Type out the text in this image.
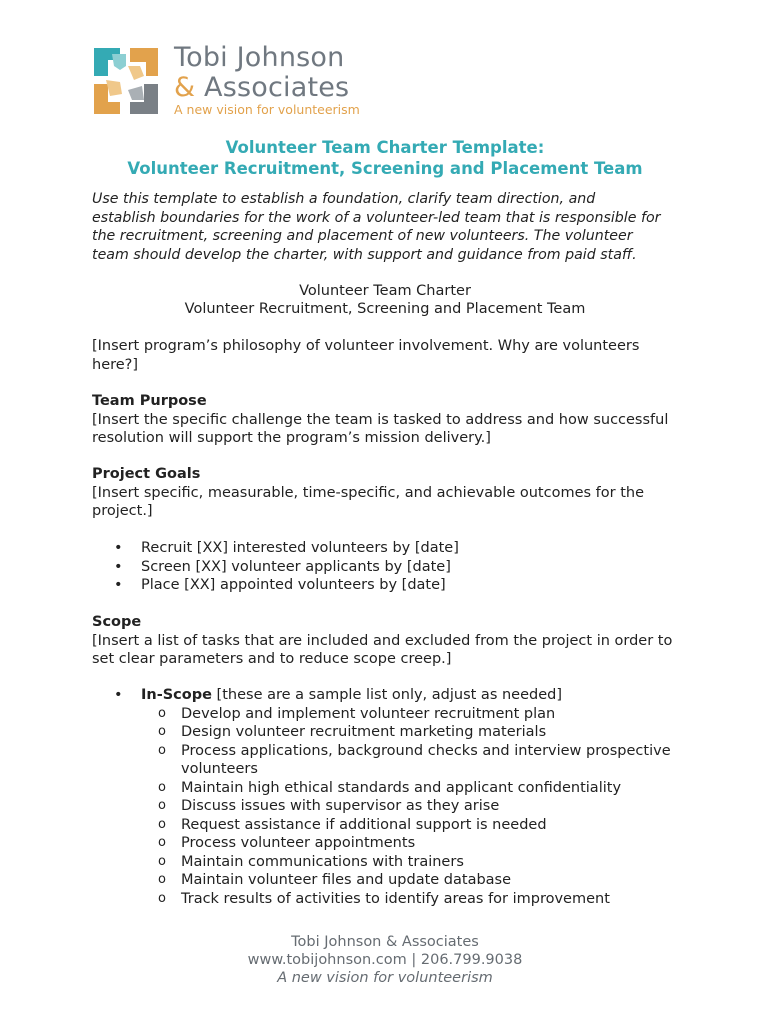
Tobi Johnson
& Associates
A new vision for volunteerism
Volunteer Team Charter Template:
Volunteer Recruitment, Screening and Placement Team
Use this template to establish a foundation, clarify team direction, and
establish boundaries for the work of a volunteer-led team that is responsible for
the recruitment, screening and placement of new volunteers. The volunteer
team should develop the charter, with support and guidance from paid staff.
Volunteer Team Charter
Volunteer Recruitment, Screening and Placement Team
[Insert program’s philosophy of volunteer involvement. Why are volunteers
here?]
Team Purpose
[Insert the specific challenge the team is tasked to address and how successful
resolution will support the program’s mission delivery.]
Project Goals
[Insert specific, measurable, time-specific, and achievable outcomes for the
project.]
• Recruit [XX] interested volunteers by [date]
• Screen [XX] volunteer applicants by [date]
• Place [XX] appointed volunteers by [date]
Scope
[Insert a list of tasks that are included and excluded from the project in order to
set clear parameters and to reduce scope creep.]
• In-Scope [these are a sample list only, adjust as needed]
o Develop and implement volunteer recruitment plan
o Design volunteer recruitment marketing materials
o Process applications, background checks and interview prospective
volunteers
o Maintain high ethical standards and applicant confidentiality
o Discuss issues with supervisor as they arise
o Request assistance if additional support is needed
o Process volunteer appointments
o Maintain communications with trainers
o Maintain volunteer files and update database
o Track results of activities to identify areas for improvement
Tobi Johnson & Associates
www.tobijohnson.com | 206.799.9038
A new vision for volunteerism
